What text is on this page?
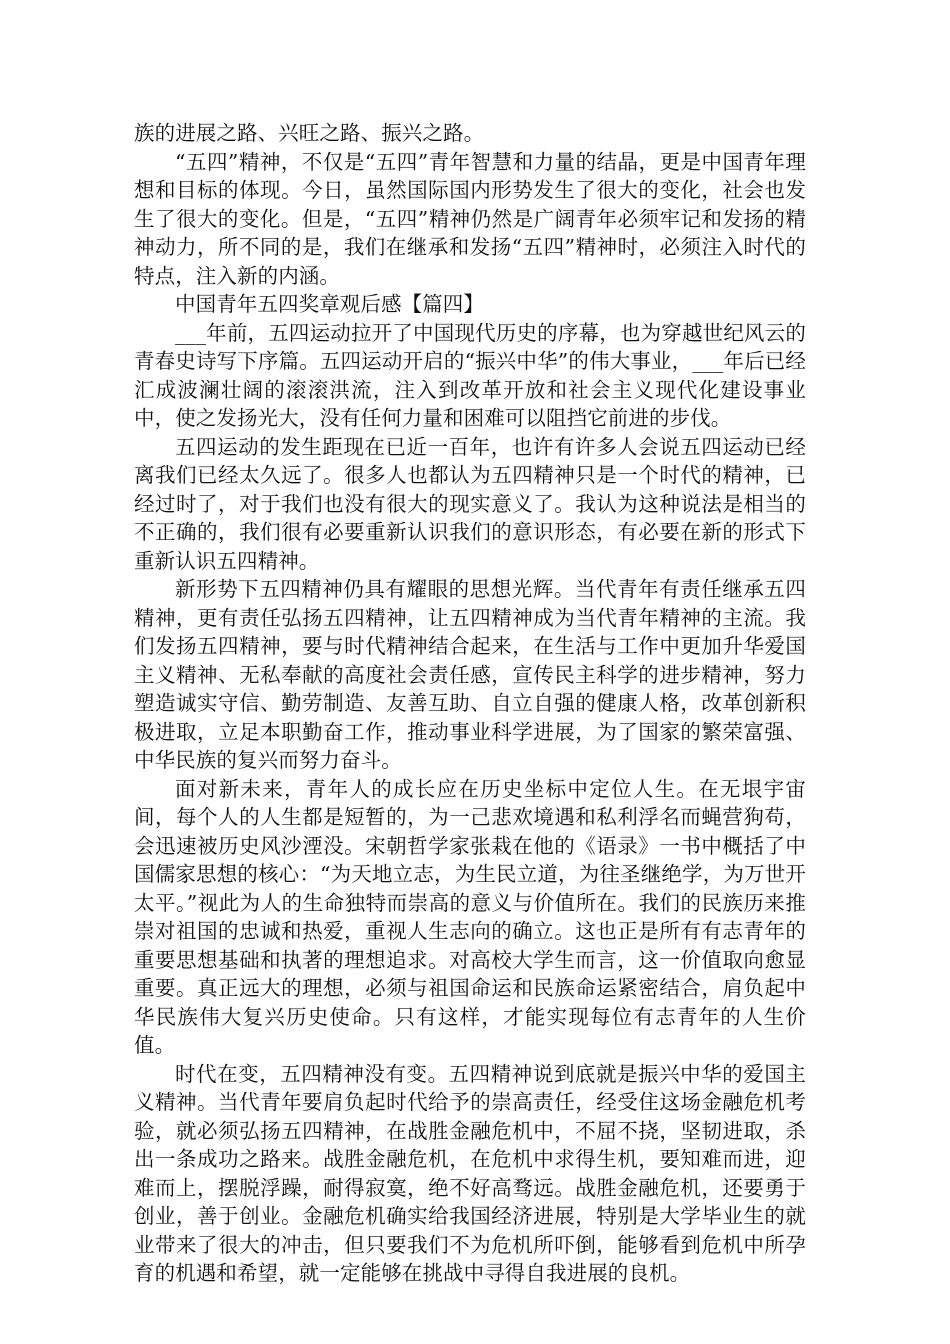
族的进展之路、兴旺之路、振兴之路。

“五四”精神，不仅是“五四”青年智慧和力量的结晶，更是中国青年理想和目标的体现。今日，虽然国际国内形势发生了很大的变化，社会也发生了很大的变化。但是，“五四”精神仍然是广阔青年必须牢记和发扬的精神动力，所不同的是，我们在继承和发扬“五四”精神时，必须注入时代的特点，注入新的内涵。

中国青年五四奖章观后感【篇四】

___年前，五四运动拉开了中国现代历史的序幕，也为穿越世纪风云的青春史诗写下序篇。五四运动开启的“振兴中华”的伟大事业，___年后已经汇成波澜壮阔的滚滚洪流，注入到改革开放和社会主义现代化建设事业中，使之发扬光大，没有任何力量和困难可以阻挡它前进的步伐。

五四运动的发生距现在已近一百年，也许有许多人会说五四运动已经离我们已经太久远了。很多人也都认为五四精神只是一个时代的精神，已经过时了，对于我们也没有很大的现实意义了。我认为这种说法是相当的不正确的，我们很有必要重新认识我们的意识形态，有必要在新的形式下重新认识五四精神。

新形势下五四精神仍具有耀眼的思想光辉。当代青年有责任继承五四精神，更有责任弘扬五四精神，让五四精神成为当代青年精神的主流。我们发扬五四精神，要与时代精神结合起来，在生活与工作中更加升华爱国主义精神、无私奉献的高度社会责任感，宣传民主科学的进步精神，努力塑造诚实守信、勤劳制造、友善互助、自立自强的健康人格，改革创新积极进取，立足本职勤奋工作，推动事业科学进展，为了国家的繁荣富强、中华民族的复兴而努力奋斗。

面对新未来，青年人的成长应在历史坐标中定位人生。在无垠宇宙间，每个人的人生都是短暂的，为一己悲欢境遇和私利浮名而蝇营狗苟，会迅速被历史风沙湮没。宋朝哲学家张栽在他的《语录》一书中概括了中国儒家思想的核心：“为天地立志，为生民立道，为往圣继绝学，为万世开太平。”视此为人的生命独特而崇高的意义与价值所在。我们的民族历来推崇对祖国的忠诚和热爱，重视人生志向的确立。这也正是所有有志青年的重要思想基础和执著的理想追求。对高校大学生而言，这一价值取向愈显重要。真正远大的理想，必须与祖国命运和民族命运紧密结合，肩负起中华民族伟大复兴历史使命。只有这样，才能实现每位有志青年的人生价值。

时代在变，五四精神没有变。五四精神说到底就是振兴中华的爱国主义精神。当代青年要肩负起时代给予的崇高责任，经受住这场金融危机考验，就必须弘扬五四精神，在战胜金融危机中，不屈不挠，坚韧进取，杀出一条成功之路来。战胜金融危机，在危机中求得生机，要知难而进，迎难而上，摆脱浮躁，耐得寂寞，绝不好高骛远。战胜金融危机，还要勇于创业，善于创业。金融危机确实给我国经济进展，特别是大学毕业生的就业带来了很大的冲击，但只要我们不为危机所吓倒，能够看到危机中所孕育的机遇和希望，就一定能够在挑战中寻得自我进展的良机。
